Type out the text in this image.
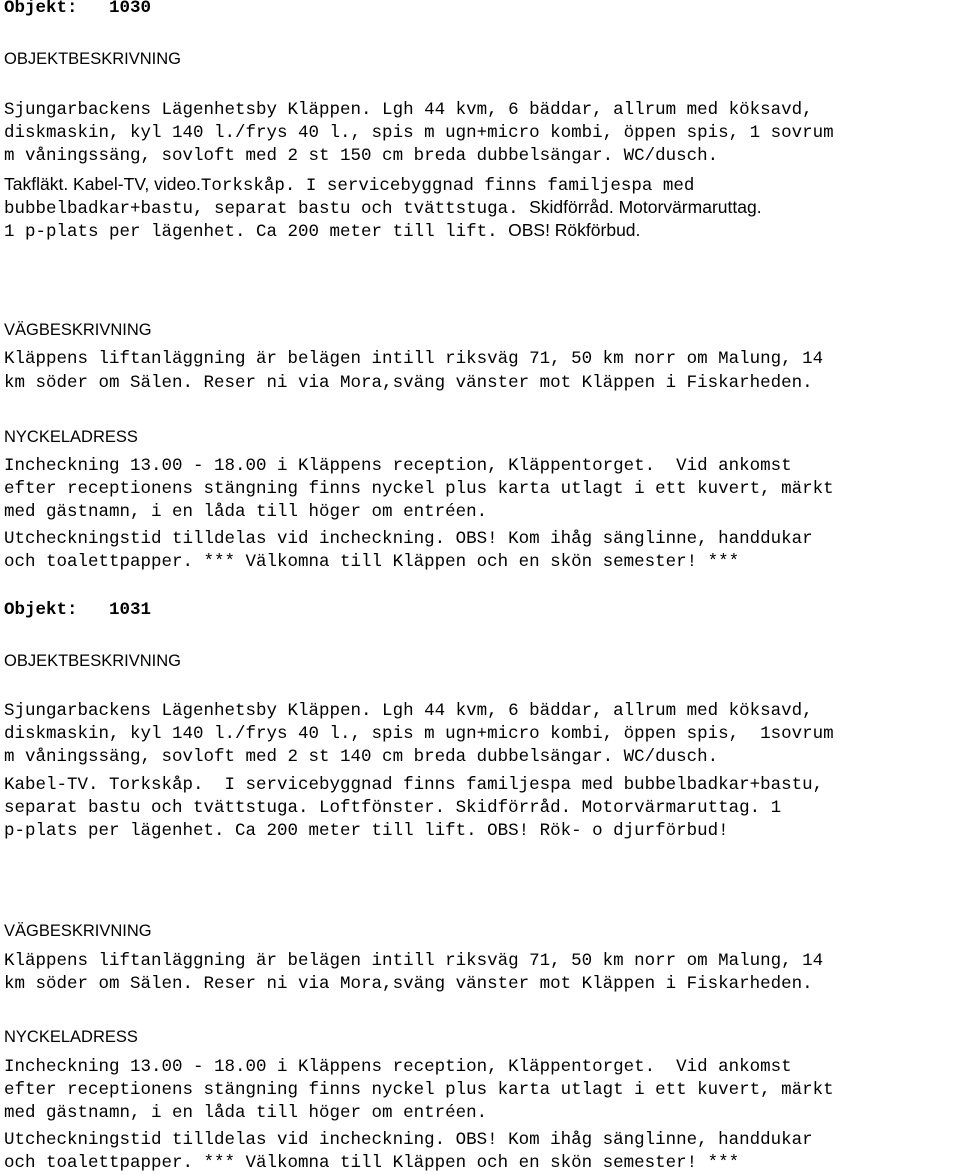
Objekt: 1030
OBJEKTBESKRIVNING
Sjungarbackens Lägenhetsby Kläppen. Lgh 44 kvm, 6 bäddar, allrum med köksavd,
diskmaskin, kyl 140 l./frys 40 l., spis m ugn+micro kombi, öppen spis, 1 sovrum
m våningssäng, sovloft med 2 st 150 cm breda dubbelsängar. WC/dusch.
Takfläkt. Kabel-TV, video.Torkskåp. I servicebyggnad finns familjespa med
bubbelbadkar+bastu, separat bastu och tvättstuga. Skidförråd. Motorvärmaruttag.
1 p-plats per lägenhet. Ca 200 meter till lift. OBS! Rökförbud.
VÄGBESKRIVNING
Kläppens liftanläggning är belägen intill riksväg 71, 50 km norr om Malung, 14
km söder om Sälen. Reser ni via Mora,sväng vänster mot Kläppen i Fiskarheden.
NYCKELADRESS
Incheckning 13.00 - 18.00 i Kläppens reception, Kläppentorget.  Vid ankomst
efter receptionens stängning finns nyckel plus karta utlagt i ett kuvert, märkt
med gästnamn, i en låda till höger om entréen.
Utcheckningstid tilldelas vid incheckning. OBS! Kom ihåg sänglinne, handdukar
och toalettpapper. *** Välkomna till Kläppen och en skön semester! ***
Objekt: 1031
OBJEKTBESKRIVNING
Sjungarbackens Lägenhetsby Kläppen. Lgh 44 kvm, 6 bäddar, allrum med köksavd,
diskmaskin, kyl 140 l./frys 40 l., spis m ugn+micro kombi, öppen spis,  1sovrum
m våningssäng, sovloft med 2 st 140 cm breda dubbelsängar. WC/dusch.
Kabel-TV. Torkskåp.  I servicebyggnad finns familjespa med bubbelbadkar+bastu,
separat bastu och tvättstuga. Loftfönster. Skidförråd. Motorvärmaruttag. 1
p-plats per lägenhet. Ca 200 meter till lift. OBS! Rök- o djurförbud!
VÄGBESKRIVNING
Kläppens liftanläggning är belägen intill riksväg 71, 50 km norr om Malung, 14
km söder om Sälen. Reser ni via Mora,sväng vänster mot Kläppen i Fiskarheden.
NYCKELADRESS
Incheckning 13.00 - 18.00 i Kläppens reception, Kläppentorget.  Vid ankomst
efter receptionens stängning finns nyckel plus karta utlagt i ett kuvert, märkt
med gästnamn, i en låda till höger om entréen.
Utcheckningstid tilldelas vid incheckning. OBS! Kom ihåg sänglinne, handdukar
och toalettpapper. *** Välkomna till Kläppen och en skön semester! ***
